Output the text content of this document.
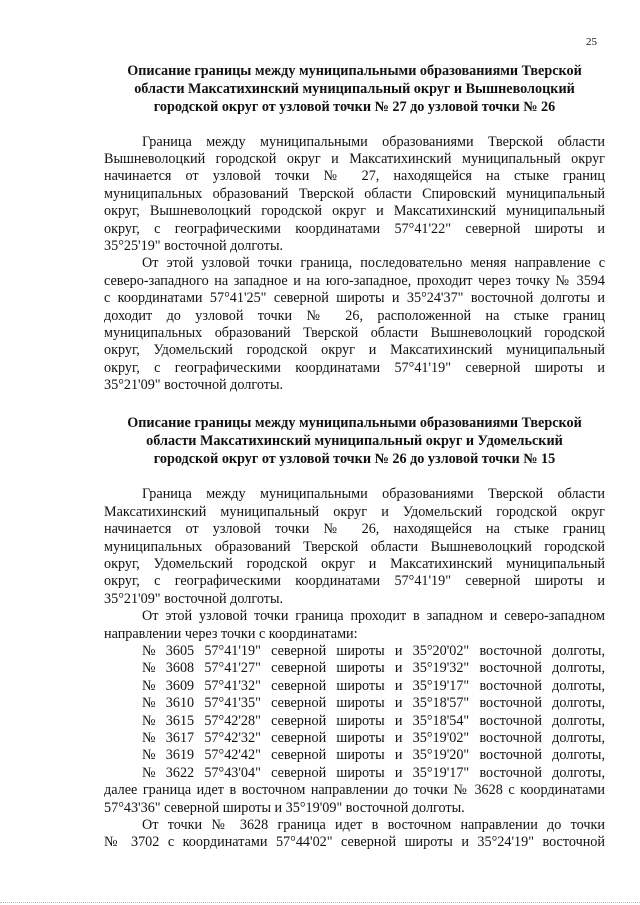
25
Описание границы между муниципальными образованиями Тверской
области Максатихинский муниципальный округ и Вышневолоцкий
городской округ от узловой точки № 27 до узловой точки № 26

Граница между муниципальными образованиями Тверской области
Вышневолоцкий городской округ и Максатихинский муниципальный округ
начинается от узловой точки № 27, находящейся на стыке границ
муниципальных образований Тверской области Спировский муниципальный
округ, Вышневолоцкий городской округ и Максатихинский муниципальный
округ, с географическими координатами 57°41'22" северной широты и
35°25'19" восточной долготы.

От этой узловой точки граница, последовательно меняя направление с
северо-западного на западное и на юго-западное, проходит через точку № 3594
с координатами 57°41'25" северной широты и 35°24'37" восточной долготы и
доходит до узловой точки № 26, расположенной на стыке границ
муниципальных образований Тверской области Вышневолоцкий городской
округ, Удомельский городской округ и Максатихинский муниципальный
округ, с географическими координатами 57°41'19" северной широты и
35°21'09" восточной долготы.

Описание границы между муниципальными образованиями Тверской
области Максатихинский муниципальный округ и Удомельский
городской округ от узловой точки № 26 до узловой точки № 15

Граница между муниципальными образованиями Тверской области
Максатихинский муниципальный округ и Удомельский городской округ
начинается от узловой точки № 26, находящейся на стыке границ
муниципальных образований Тверской области Вышневолоцкий городской
округ, Удомельский городской округ и Максатихинский муниципальный
округ, с географическими координатами 57°41'19" северной широты и
35°21'09" восточной долготы.

От этой узловой точки граница проходит в западном и северо-западном
направлении через точки с координатами:

№ 3605 57°41'19" северной широты и 35°20'02" восточной долготы,
№ 3608 57°41'27" северной широты и 35°19'32" восточной долготы,
№ 3609 57°41'32" северной широты и 35°19'17" восточной долготы,
№ 3610 57°41'35" северной широты и 35°18'57" восточной долготы,
№ 3615 57°42'28" северной широты и 35°18'54" восточной долготы,
№ 3617 57°42'32" северной широты и 35°19'02" восточной долготы,
№ 3619 57°42'42" северной широты и 35°19'20" восточной долготы,
№ 3622 57°43'04" северной широты и 35°19'17" восточной долготы,

далее граница идет в восточном направлении до точки № 3628 с координатами
57°43'36" северной широты и 35°19'09" восточной долготы.

От точки № 3628 граница идет в восточном направлении до точки
№ 3702 с координатами 57°44'02" северной широты и 35°24'19" восточной
